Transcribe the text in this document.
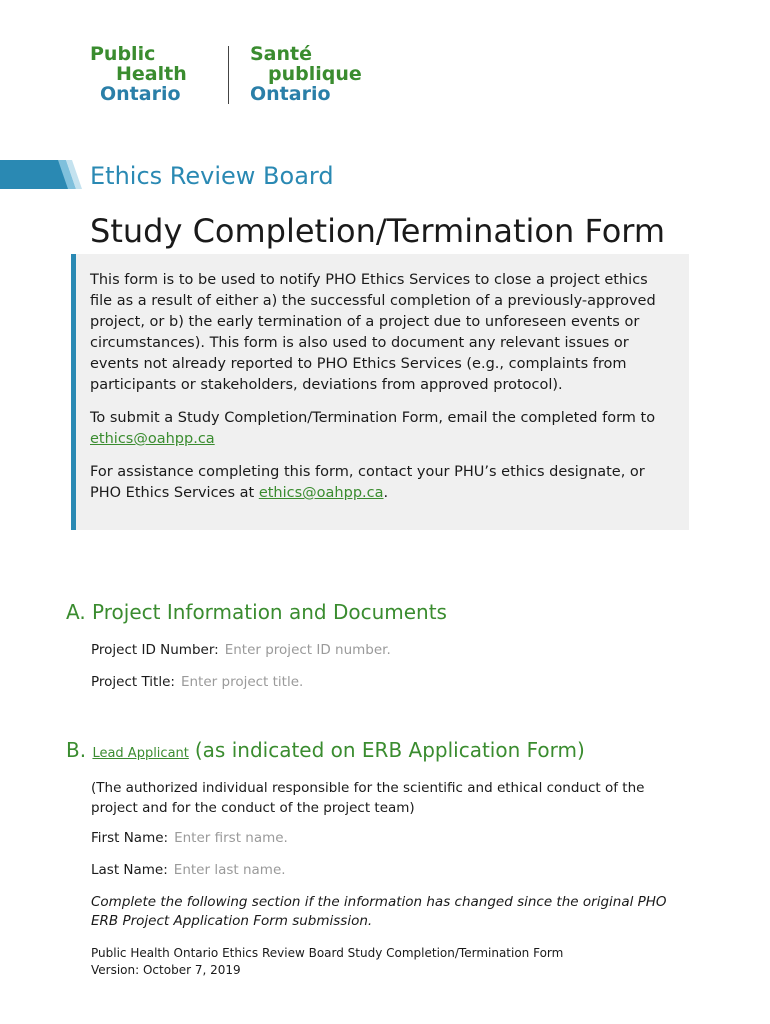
Public
Health
Ontario
Santé
publique
Ontario
Ethics Review Board
Study Completion/Termination Form

This form is to be used to notify PHO Ethics Services to close a project ethics file as a result of either a) the successful completion of a previously-approved project, or b) the early termination of a project due to unforeseen events or circumstances). This form is also used to document any relevant issues or events not already reported to PHO Ethics Services (e.g., complaints from participants or stakeholders, deviations from approved protocol).

To submit a Study Completion/Termination Form, email the completed form to ethics@oahpp.ca

For assistance completing this form, contact your PHU’s ethics designate, or PHO Ethics Services at ethics@oahpp.ca.

A. Project Information and Documents
Project ID Number: Enter project ID number.
Project Title: Enter project title.
B. Lead Applicant (as indicated on ERB Application Form)
(The authorized individual responsible for the scientific and ethical conduct of the project and for the conduct of the project team)
First Name: Enter first name.
Last Name: Enter last name.
Complete the following section if the information has changed since the original PHO ERB Project Application Form submission.
Public Health Ontario Ethics Review Board Study Completion/Termination Form
Version: October 7, 2019
